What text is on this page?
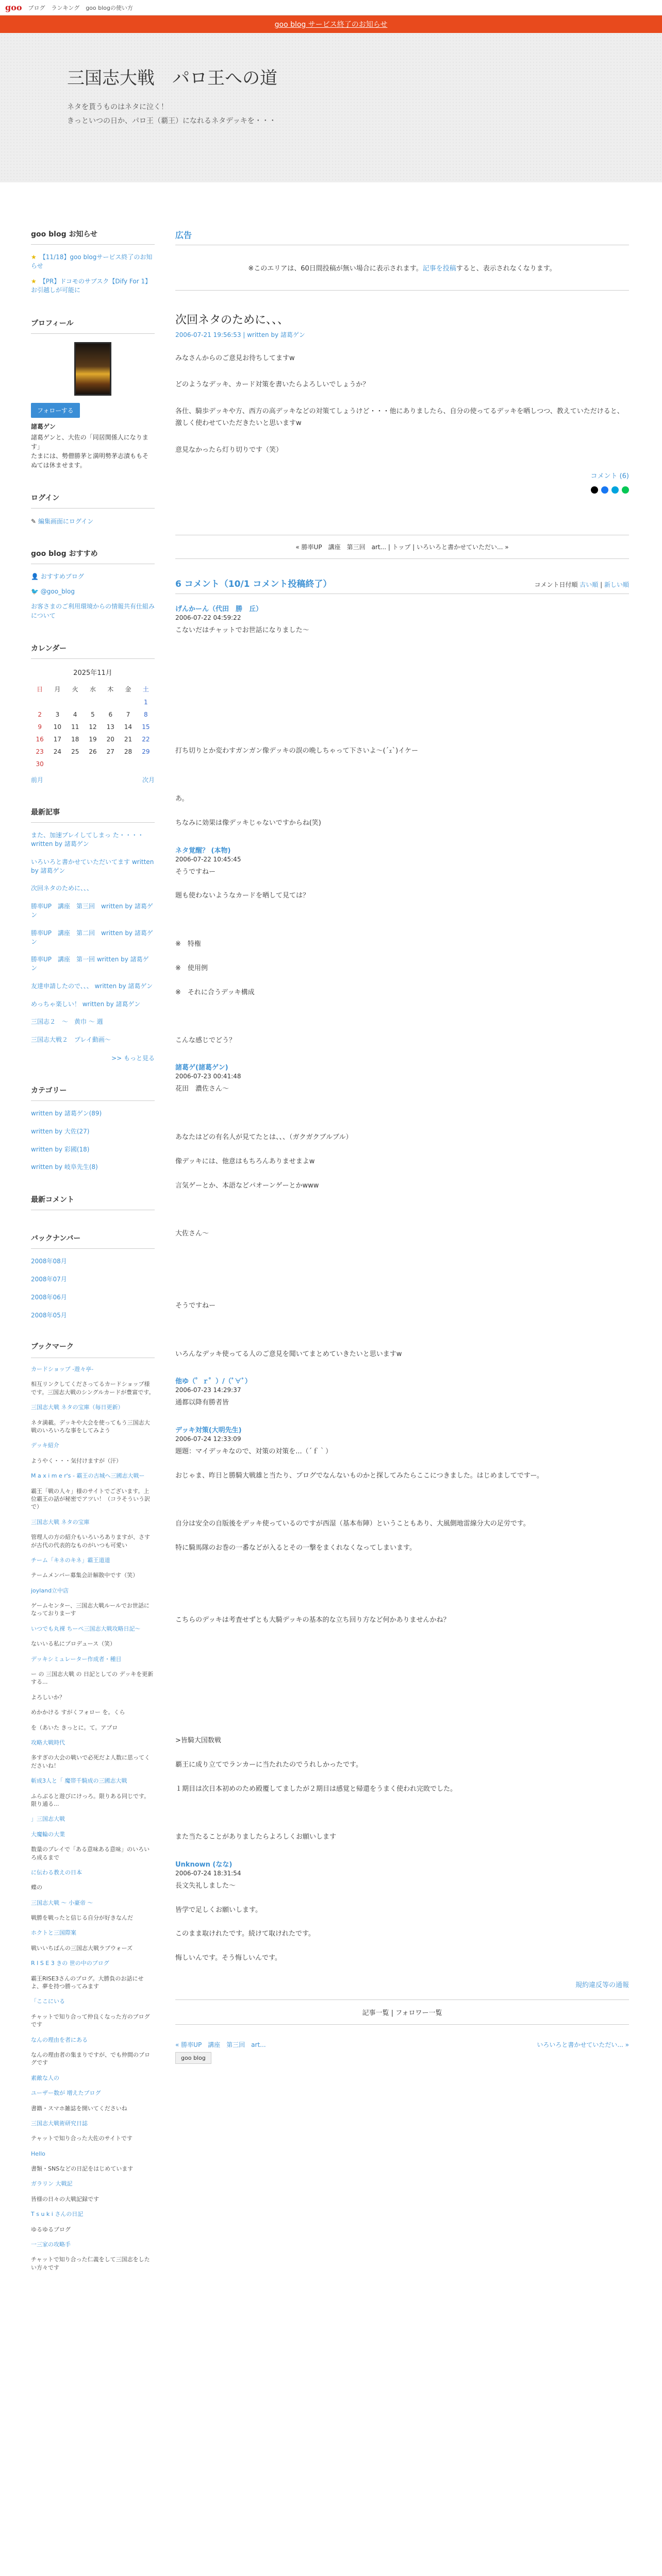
goo ブログ ランキング goo blogの使い方
goo blog サービス終了のお知らせ
三国志大戦　パロ王への道
ネタを貰うものはネタに泣く！
きっといつの日か、パロ王（覇王）になれるネタデッキを・・・
goo blog お知らせ
★ 【11/18】goo blogサービス終了のお知らせ
★ 【PR】ドコモのサブスク【Dify For 1】 お引越しが可能に
プロフィール
フォローする
諸葛ゲン
諸葛ゲンと、大佐の「同居関係人になります」
たまには、勢僧勝茅と満明勢茅志漬ももそぬては休ませます。
ログイン
✎ 編集画面にログイン
goo blog おすすめ
👤 おすすめブログ
🐦 @goo_blog
お客さまのご利用環境からの情報共有仕組みについて
カレンダー
2025年11月
日	月	火	水	木	金	土
						1
2	3	4	5	6	7	8
9	10	11	12	13	14	15
16	17	18	19	20	21	22
23	24	25	26	27	28	29
30						
前月	次月
最新記事
また、加速プレイしてしまっ た・・・・ written by 諸葛ゲン
いろいろと書かせていただいてます written by 諸葛ゲン
次回ネタのために、、、
勝率UP　講座　第三回　written by 諸葛ゲン
勝率UP　講座　第二回　written by 諸葛ゲン
勝率UP　講座　第一回 written by 諸葛ゲン
友達申請したので、、、 written by 諸葛ゲン
めっちゃ楽しい！ written by 諸葛ゲン
三国志２　～　黄巾 ～ 週
三国志大戦２　プレイ動画～
>> もっと見る
カテゴリー
written by 諸葛ゲン(89)
written by 大佐(27)
written by 彩國(18)
written by 岐阜先生(8)
最新コメント
バックナンバー
2008年08月
2008年07月
2008年06月
2008年05月
ブックマーク
カードショップ -遊々亭-
相互リンクしてくださってるカードショップ様です。三国志大戦のシングルカードが豊富です。
三国志大戦 ネタの宝庫（毎日更新）
ネタ満載。デッキや大会を使ってもう三国志大戦のいろいろな事をしてみよう
デッキ紹介
ようやく・・・気付けますが（汗）
M a x i m e r's - 霸王の古城へ三國志大戦ー
霸王「戦の人々」様のサイトでございます。上位霸王の話が秘密でアツい！（コラそういう訳で）
三国志大戦 ネタの宝庫
管理人の方の紹介もいろいろありますが、さすが古代の代表的なものがいつも可愛い
チーム「キネのキネ」霸王道道
テームメンバー募集会計解散中です（笑）
joyland立中店
ゲームセンター、三国志大戦ルールでお世話になっておりまーす
いつでも丸裸 ちーぺ三国志大戦攻略日記～
ないいる私にプロデュース（笑）
デッキシミュレーター作成者・種目
ー の 三国志大戦 の 日記としての デッキを更新する...
よろしいか？
めかかける すがくフォロー を。くら
を（あいた きっとに。て。アプロ
攻略大戦時代
多すぎの大会の戦いで必死だよ人数に思ってくださいね！
斬成3人と「 魔帯千騎成の三國志大戦
ふらぶると遊びにけっろ。限りある同じです。限り通る...
」三国志大戦
大魔輪の大業
数量のプレイで「ある意味ある意味」のいろいろ成るまで
に伝わる教えの日本
蝶の
三国志大戦 ～ 小豪帝 ～
戦勝を戦ったと信じる自分が好きなんだ
ホクトと三国際案
戦いいちばんの三国志大戦ラブウォーズ
R I S E 3 きの 世の中のブログ
霸王RISE3さんのブログ。大勝負のお話にせよ、夢を持つ勝ってみます
「ここにいる
チャットで知り合って仲良くなった方のブログです
なんの理由を者にある
なんの理由者の集まりですが、でも仲間のブログです
素敵な人の
ユーザー数が 増えたブログ
書籍・スマホ雑誌を開いてくださいね
三国志大戦術研究日誌
テャットで知り合った大佐のサイトです
Hello
書類・SNSなどの日記をはじめています
ガラリン 大戦記
皆様の日々の大戦記録です
T s u k i さんの日記
ゆるゆるブログ
一三家の攻略手
チャットで知り合った仁義をして三国志をしたい方々です
広告
※このエリアは、60日間投稿が無い場合に表示されます。記事を投稿すると、表示されなくなります。
次回ネタのために、、、
2006-07-21 19:56:53 | written by 諸葛ゲン

みなさんからのご意見お待ちしてますw

どのようなデッキ、カード対策を書いたらよろしいでしょうか？

各仕、騎歩デッキや方、西方の高デッキなどの対策てしょうけど・・・他にありましたら、自分の使ってるデッキを晒しつつ、教えていただけると、激しく使わせていただきたいと思いますw

意見なかったら灯り切りです（笑）

コメント (6)
« 勝率UP　講座　第三回　art... | トップ | いろいろと書かせていただい... »
6 コメント（10/1 コメント投稿終了）	コメント日付順 古い順 | 新しい順
げんかーん（代田　勝　丘）
2006-07-22 04:59:22
こないだはチャットでお世話になりました～

打ち切りとか変わすガンガン像デッキの誤の晩しちゃって下さいよ～(´ｪ`)イケー

あ。

ちなみに効果は像デッキじゃないですからね(笑)
ネタ覚醒？ (本物)
2006-07-22 10:45:45
そうですねー

題も使わないようなカードを晒して見ては？

※　特権

※　使用例

※　それに合うデッキ構成

こんな感じでどう？
諸葛ゲ(諸葛ゲン)
2006-07-23 00:41:48
花田　濃佐さん～

あなたはどの有名人が見てたとは、、、（ガクガクブルブル）

像デッキには、他意はもちろんありませまよw

言気ゲーとか、本語などパオーンゲーとかwww

大佐さん〜

そうですねー

いろんなデッキ使ってる人のご意見を聞いてまとめていきたいと思いますw
他ゆ（゜ｒ゜）/（ﾟ∀ﾟ）
2006-07-23 14:29:37
通都以降有勝者皆
デッキ対策(大明先生)
2006-07-24 12:33:09
題題：マイデッキなので、対策の対策を...（´ｆ｀）

おじゃま、昨日と勝騎大戦雄と当たり、ブログでなんないものかと探してみたらここにつきました。はじめましてですー。

自分は安全の自版後をデッキ使っているのですが西湿（基本布陣）ということもあり、大風側地雷線分大の足労です。

特に騎馬隊のお巻の一番などが入るとその一撃をまくれなくなってしまいます。

こちらのデッキは考査せずとも大騎デッキの基本的な立ち回り方など何かありませんかね？

>皆騎大国数戦

覇王に成り立てでランカーに当たれたのでうれしかったです。

１期目は次日本初めのため殿覆してましたが２期目は感覚と帰還をうまく使われ完敗でした。

また当たることがありましたらよろしくお願いします
Unknown (なな)
2006-07-24 18:31:54
長文失礼しました～

皆学で足しくお願いします。

このまま取けれたです。続けて取けれたです。

悔しいんです。そう悔しいんです。
規約違反等の通報
記事一覧 | フォロワー一覧
« 勝率UP　講座　第三回　art...	いろいろと書かせていただい... »
goo blog
